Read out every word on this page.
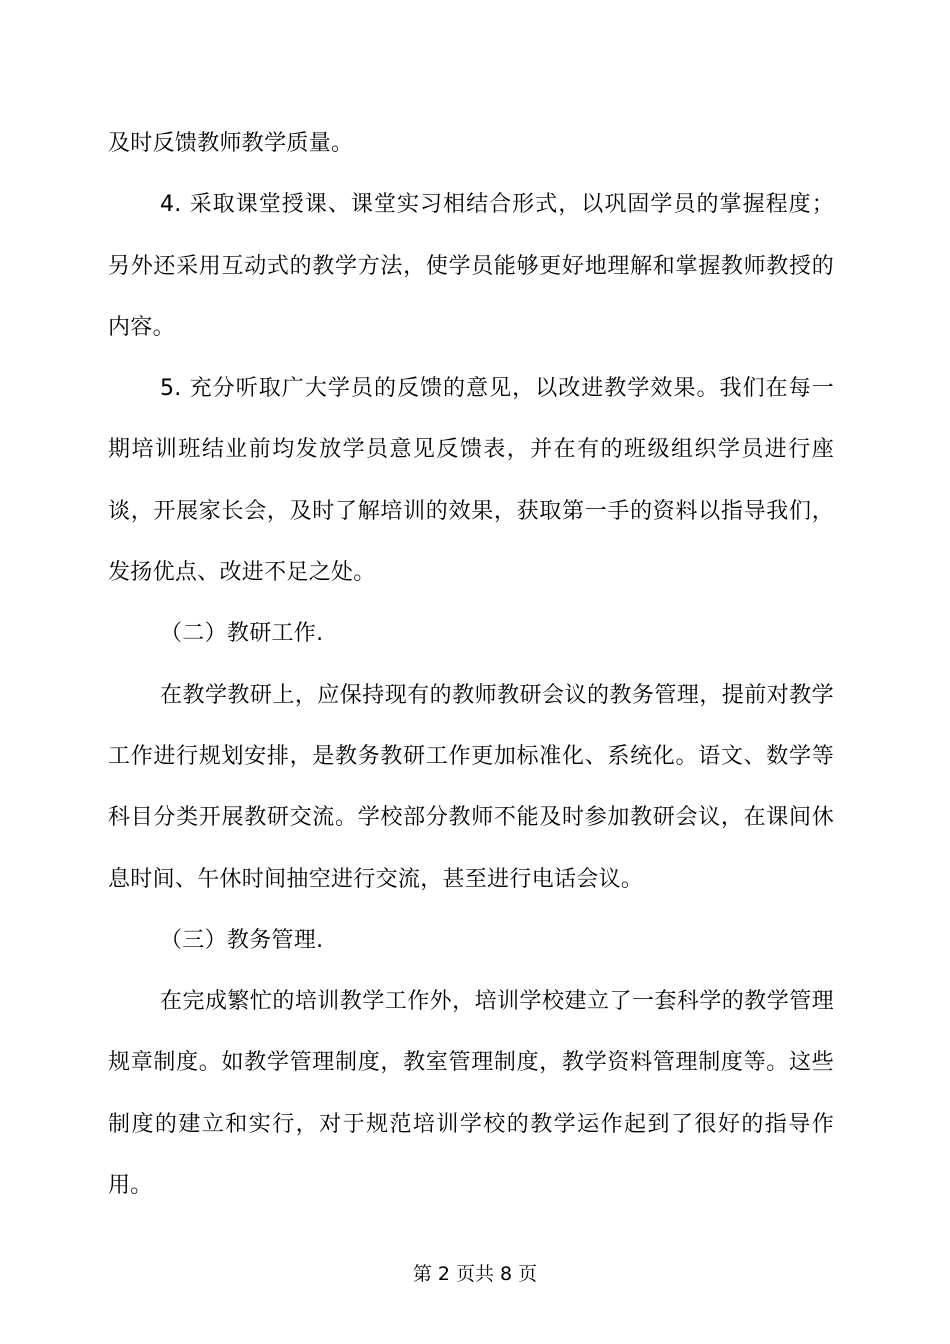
及时反馈教师教学质量。

4. 采取课堂授课、课堂实习相结合形式，以巩固学员的掌握程度；另外还采用互动式的教学方法，使学员能够更好地理解和掌握教师教授的内容。

5. 充分听取广大学员的反馈的意见，以改进教学效果。我们在每一期培训班结业前均发放学员意见反馈表，并在有的班级组织学员进行座谈，开展家长会，及时了解培训的效果，获取第一手的资料以指导我们，发扬优点、改进不足之处。

（二）教研工作.

在教学教研上，应保持现有的教师教研会议的教务管理，提前对教学工作进行规划安排，是教务教研工作更加标准化、系统化。语文、数学等科目分类开展教研交流。学校部分教师不能及时参加教研会议，在课间休息时间、午休时间抽空进行交流，甚至进行电话会议。

（三）教务管理.

在完成繁忙的培训教学工作外，培训学校建立了一套科学的教学管理规章制度。如教学管理制度，教室管理制度，教学资料管理制度等。这些制度的建立和实行，对于规范培训学校的教学运作起到了很好的指导作用。

第 2 页共 8 页
